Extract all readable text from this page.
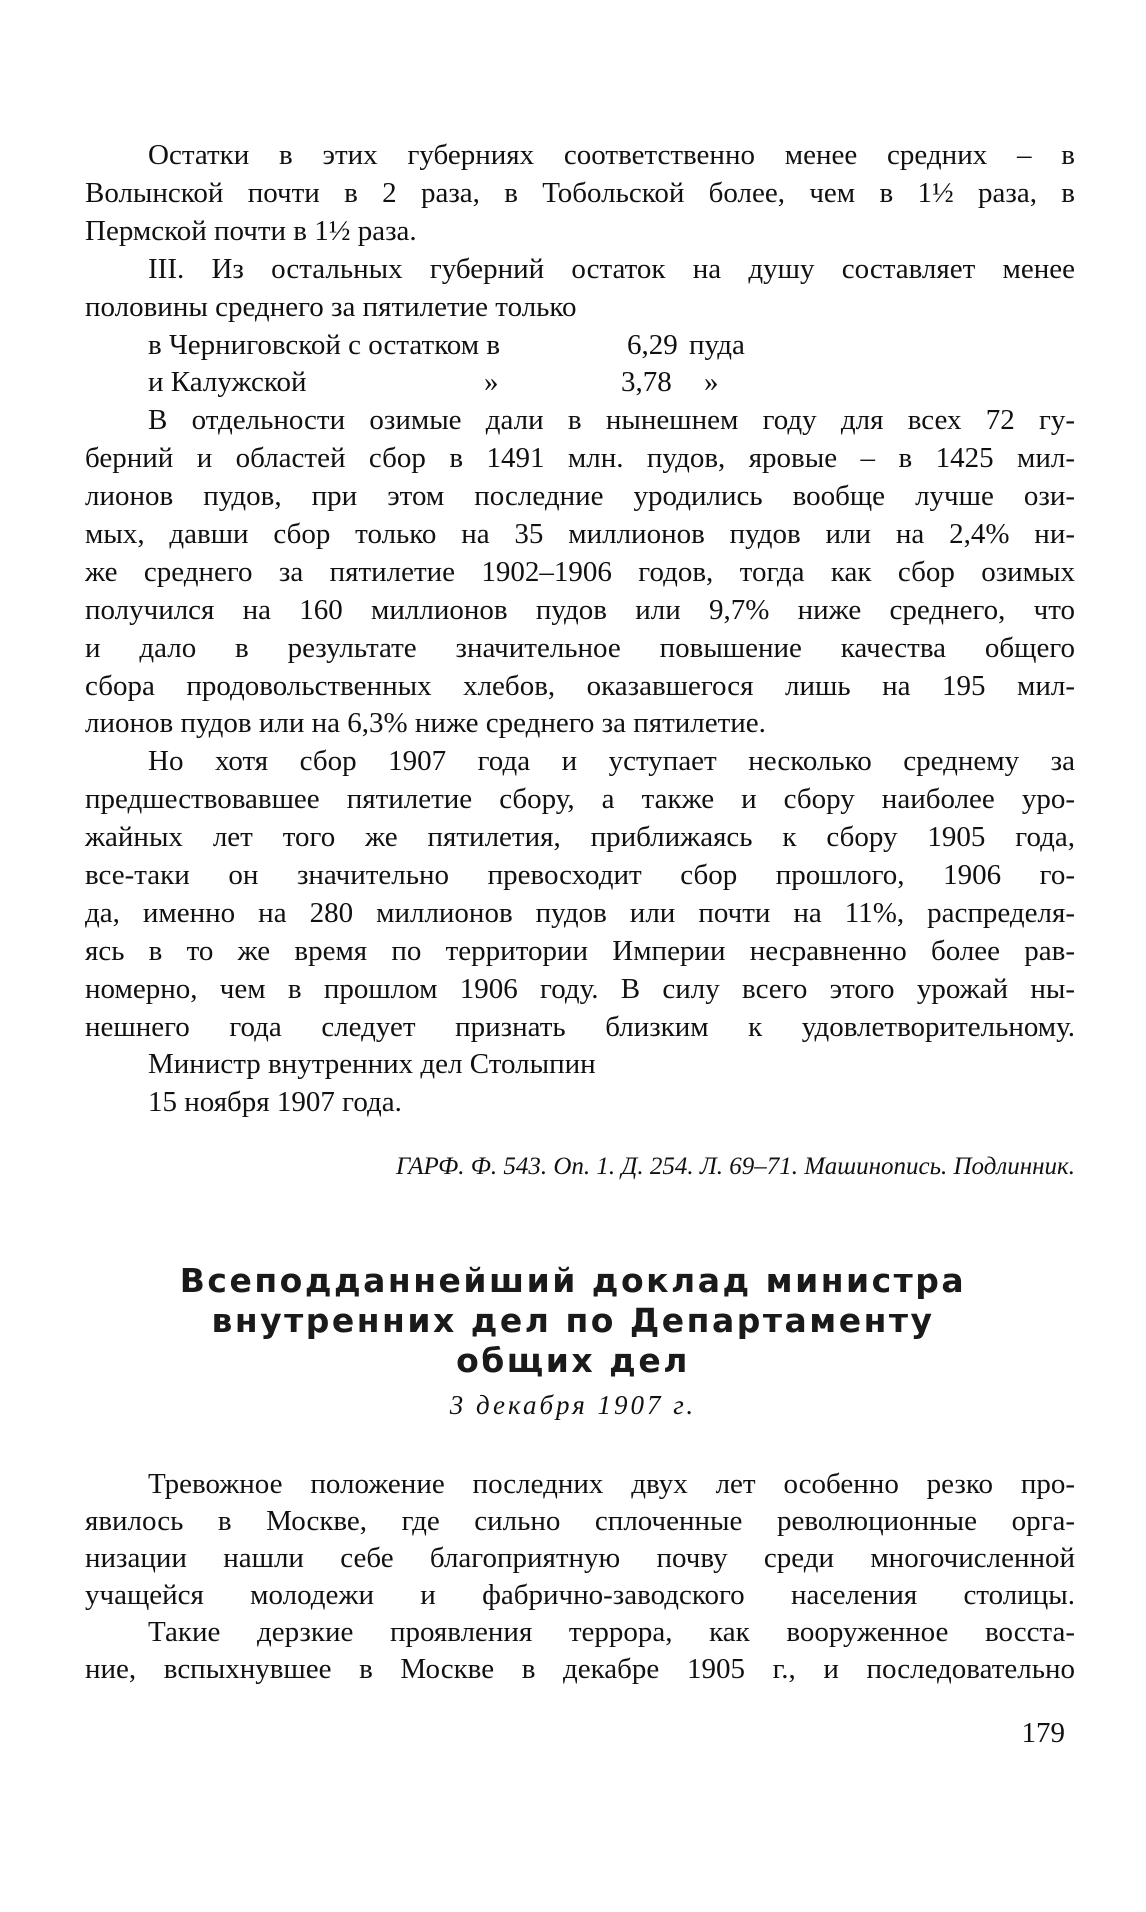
Остатки в этих губерниях соответственно менее средних – в
Волынской почти в 2 раза, в Тобольской более, чем в 1½ раза, в
Пермской почти в 1½ раза.
III. Из остальных губерний остаток на душу составляет менее
половины среднего за пятилетие только
в Черниговской с остатком в	6,29 пуда
и Калужской	»	3,78 »
В отдельности озимые дали в нынешнем году для всех 72 гу-
берний и областей сбор в 1491 млн. пудов, яровые – в 1425 мил-
лионов пудов, при этом последние уродились вообще лучше ози-
мых, давши сбор только на 35 миллионов пудов или на 2,4% ни-
же среднего за пятилетие 1902–1906 годов, тогда как сбор озимых
получился на 160 миллионов пудов или 9,7% ниже среднего, что
и дало в результате значительное повышение качества общего
сбора продовольственных хлебов, оказавшегося лишь на 195 мил-
лионов пудов или на 6,3% ниже среднего за пятилетие.
Но хотя сбор 1907 года и уступает несколько среднему за
предшествовавшее пятилетие сбору, а также и сбору наиболее уро-
жайных лет того же пятилетия, приближаясь к сбору 1905 года,
все-таки он значительно превосходит сбор прошлого, 1906 го-
да, именно на 280 миллионов пудов или почти на 11%, распределя-
ясь в то же время по территории Империи несравненно более рав-
номерно, чем в прошлом 1906 году. В силу всего этого урожай ны-
нешнего года следует признать близким к удовлетворительному.
Министр внутренних дел Столыпин
15 ноября 1907 года.
ГАРФ. Ф. 543. Оп. 1. Д. 254. Л. 69–71. Машинопись. Подлинник.
Всеподданнейший доклад министра
внутренних дел по Департаменту
общих дел
3 декабря 1907 г.
Тревожное положение последних двух лет особенно резко про-
явилось в Москве, где сильно сплоченные революционные орга-
низации нашли себе благоприятную почву среди многочисленной
учащейся молодежи и фабрично-заводского населения столицы.
Такие дерзкие проявления террора, как вооруженное восста-
ние, вспыхнувшее в Москве в декабре 1905 г., и последовательно
179
